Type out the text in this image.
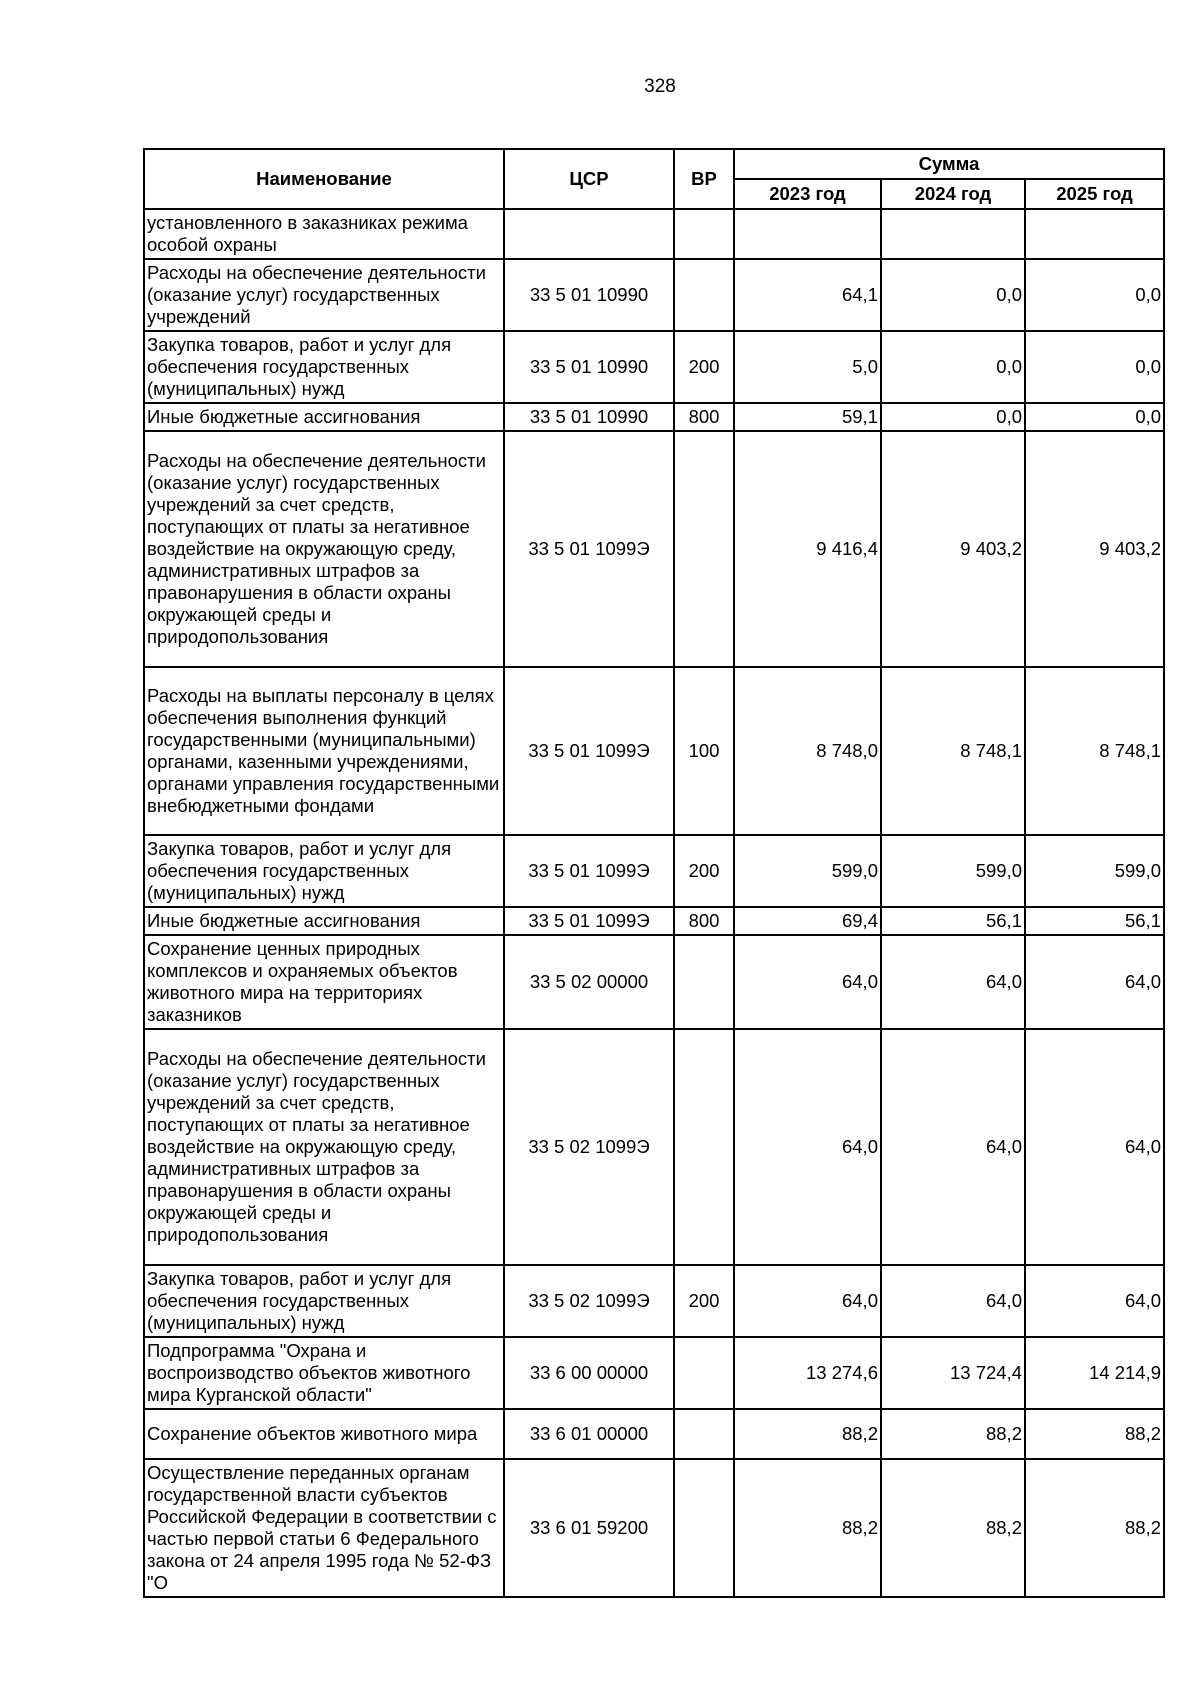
328
Наименование	ЦСР	ВР	Сумма		
			2023 год	2024 год	2025 год
установленного в заказниках режима особой охраны					
Расходы на обеспечение деятельности (оказание услуг) государственных учреждений	33 5 01 10990		64,1	0,0	0,0
Закупка товаров, работ и услуг для обеспечения государственных (муниципальных) нужд	33 5 01 10990	200	5,0	0,0	0,0
Иные бюджетные ассигнования	33 5 01 10990	800	59,1	0,0	0,0
Расходы на обеспечение деятельности (оказание услуг) государственных учреждений за счет средств, поступающих от платы за негативное воздействие на окружающую среду, административных штрафов за правонарушения в области охраны окружающей среды и природопользования	33 5 01 1099Э		9 416,4	9 403,2	9 403,2
Расходы на выплаты персоналу в целях обеспечения выполнения функций государственными (муниципальными) органами, казенными учреждениями, органами управления государственными внебюджетными фондами	33 5 01 1099Э	100	8 748,0	8 748,1	8 748,1
Закупка товаров, работ и услуг для обеспечения государственных (муниципальных) нужд	33 5 01 1099Э	200	599,0	599,0	599,0
Иные бюджетные ассигнования	33 5 01 1099Э	800	69,4	56,1	56,1
Сохранение ценных природных комплексов и охраняемых объектов животного мира на территориях заказников	33 5 02 00000		64,0	64,0	64,0
Расходы на обеспечение деятельности (оказание услуг) государственных учреждений за счет средств, поступающих от платы за негативное воздействие на окружающую среду, административных штрафов за правонарушения в области охраны окружающей среды и природопользования	33 5 02 1099Э		64,0	64,0	64,0
Закупка товаров, работ и услуг для обеспечения государственных (муниципальных) нужд	33 5 02 1099Э	200	64,0	64,0	64,0
Подпрограмма "Охрана и воспроизводство объектов животного мира Курганской области"	33 6 00 00000		13 274,6	13 724,4	14 214,9
Сохранение объектов животного мира	33 6 01 00000		88,2	88,2	88,2
Осуществление переданных органам государственной власти субъектов Российской Федерации в соответствии с частью первой статьи 6 Федерального закона от 24 апреля 1995 года № 52-ФЗ "О	33 6 01 59200		88,2	88,2	88,2
